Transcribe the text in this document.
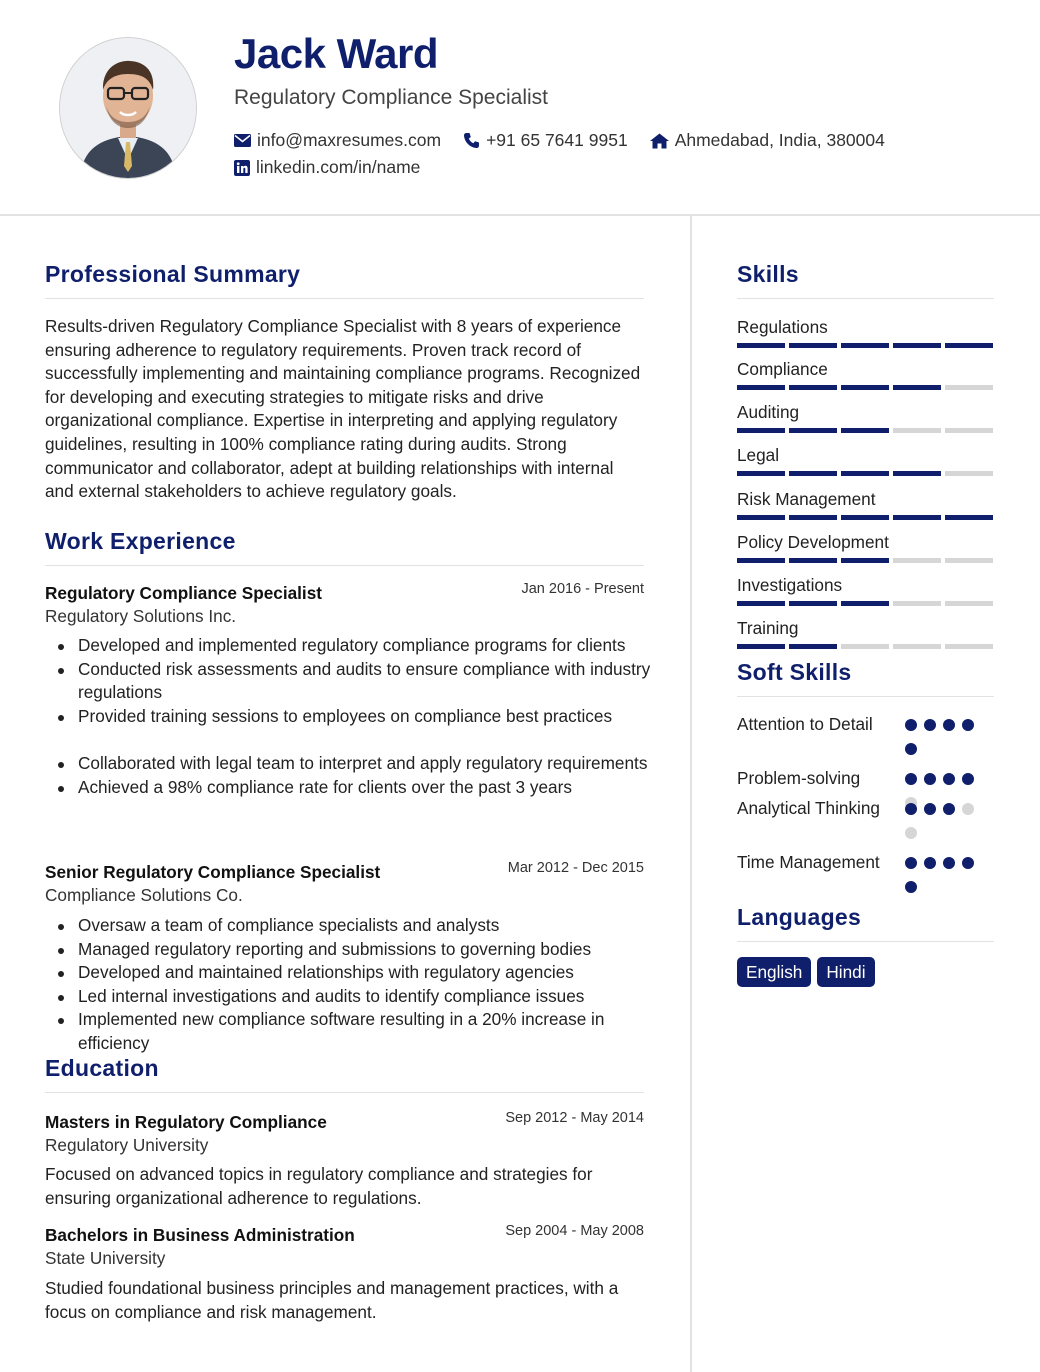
Jack Ward
Regulatory Compliance Specialist
info@maxresumes.com	+91 65 7641 9951	Ahmedabad, India, 380004
linkedin.com/in/name
Professional Summary
Results-driven Regulatory Compliance Specialist with 8 years of experience ensuring adherence to regulatory requirements. Proven track record of successfully implementing and maintaining compliance programs. Recognized for developing and executing strategies to mitigate risks and drive organizational compliance. Expertise in interpreting and applying regulatory guidelines, resulting in 100% compliance rating during audits. Strong communicator and collaborator, adept at building relationships with internal and external stakeholders to achieve regulatory goals.
Work Experience
Regulatory Compliance Specialist	Jan 2016 - Present
Regulatory Solutions Inc.
Developed and implemented regulatory compliance programs for clients
Conducted risk assessments and audits to ensure compliance with industry regulations
Provided training sessions to employees on compliance best practices
Collaborated with legal team to interpret and apply regulatory requirements
Achieved a 98% compliance rate for clients over the past 3 years
Senior Regulatory Compliance Specialist	Mar 2012 - Dec 2015
Compliance Solutions Co.
Oversaw a team of compliance specialists and analysts
Managed regulatory reporting and submissions to governing bodies
Developed and maintained relationships with regulatory agencies
Led internal investigations and audits to identify compliance issues
Implemented new compliance software resulting in a 20% increase in efficiency
Education
Masters in Regulatory Compliance	Sep 2012 - May 2014
Regulatory University
Focused on advanced topics in regulatory compliance and strategies for ensuring organizational adherence to regulations.
Bachelors in Business Administration	Sep 2004 - May 2008
State University
Studied foundational business principles and management practices, with a focus on compliance and risk management.
Skills
Regulations
Compliance
Auditing
Legal
Risk Management
Policy Development
Investigations
Training
Soft Skills
Attention to Detail
Problem-solving
Analytical Thinking
Time Management
Languages
English	Hindi
